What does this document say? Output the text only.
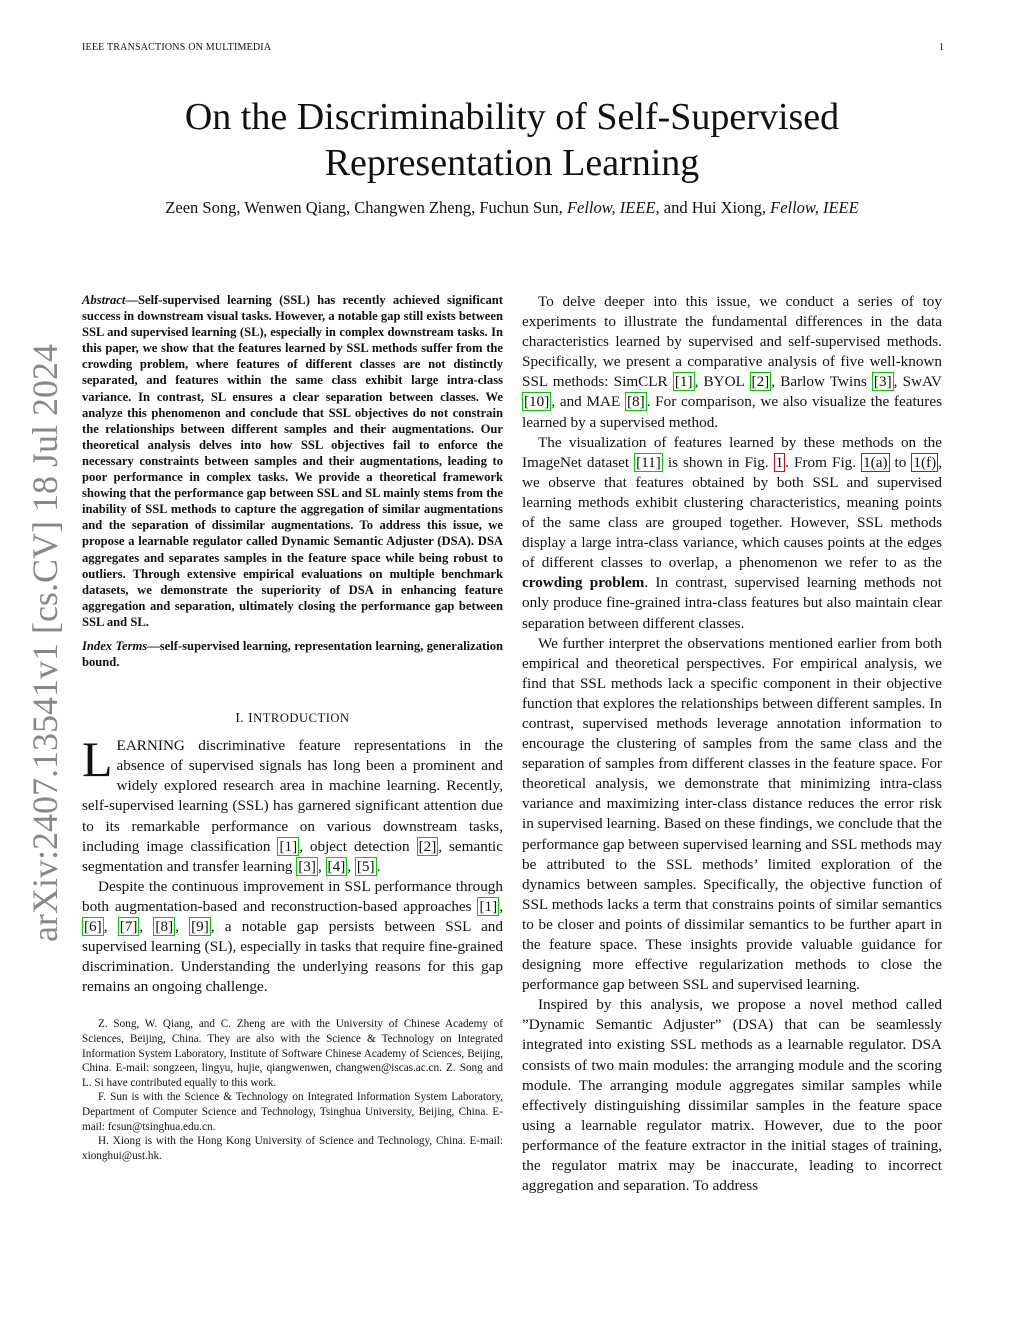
IEEE TRANSACTIONS ON MULTIMEDIA	1
arXiv:2407.13541v1 [cs.CV] 18 Jul 2024
On the Discriminability of Self-Supervised
Representation Learning
Zeen Song, Wenwen Qiang, Changwen Zheng, Fuchun Sun, Fellow, IEEE, and Hui Xiong, Fellow, IEEE

Abstract—Self-supervised learning (SSL) has recently achieved significant success in downstream visual tasks. However, a notable gap still exists between SSL and supervised learning (SL), especially in complex downstream tasks. In this paper, we show that the features learned by SSL methods suffer from the crowding problem, where features of different classes are not distinctly separated, and features within the same class exhibit large intra-class variance. In contrast, SL ensures a clear separation between classes. We analyze this phenomenon and conclude that SSL objectives do not constrain the relationships between different samples and their augmentations. Our theoretical analysis delves into how SSL objectives fail to enforce the necessary constraints between samples and their augmentations, leading to poor performance in complex tasks. We provide a theoretical framework showing that the performance gap between SSL and SL mainly stems from the inability of SSL methods to capture the aggregation of similar augmentations and the separation of dissimilar augmentations. To address this issue, we propose a learnable regulator called Dynamic Semantic Adjuster (DSA). DSA aggregates and separates samples in the feature space while being robust to outliers. Through extensive empirical evaluations on multiple benchmark datasets, we demonstrate the superiority of DSA in enhancing feature aggregation and separation, ultimately closing the performance gap between SSL and SL.

Index Terms—self-supervised learning, representation learning, generalization bound.

I. INTRODUCTION

LEARNING discriminative feature representations in the absence of supervised signals has long been a prominent and widely explored research area in machine learning. Recently, self-supervised learning (SSL) has garnered significant attention due to its remarkable performance on various downstream tasks, including image classification [1] , object detection [2] , semantic segmentation and transfer learning [3] , [4] , [5] .

Despite the continuous improvement in SSL performance through both augmentation-based and reconstruction-based approaches [1] , [6] , [7] , [8] , [9] , a notable gap persists between SSL and supervised learning (SL), especially in tasks that require fine-grained discrimination. Understanding the underlying reasons for this gap remains an ongoing challenge.

Z. Song, W. Qiang, and C. Zheng are with the University of Chinese Academy of Sciences, Beijing, China. They are also with the Science & Technology on Integrated Information System Laboratory, Institute of Software Chinese Academy of Sciences, Beijing, China. E-mail: songzeen, lingyu, hujie, qiangwenwen, changwen@iscas.ac.cn. Z. Song and L. Si have contributed equally to this work.

F. Sun is with the Science & Technology on Integrated Information System Laboratory, Department of Computer Science and Technology, Tsinghua University, Beijing, China. E-mail: fcsun@tsinghua.edu.cn.

H. Xiong is with the Hong Kong University of Science and Technology, China. E-mail: xionghui@ust.hk.

To delve deeper into this issue, we conduct a series of toy experiments to illustrate the fundamental differences in the data characteristics learned by supervised and self-supervised methods. Specifically, we present a comparative analysis of five well-known SSL methods: SimCLR [1] , BYOL [2] , Barlow Twins [3] , SwAV [10] , and MAE [8] . For comparison, we also visualize the features learned by a supervised method.

The visualization of features learned by these methods on the ImageNet dataset [11] is shown in Fig. 1 . From Fig. 1(a) to 1(f) , we observe that features obtained by both SSL and supervised learning methods exhibit clustering characteristics, meaning points of the same class are grouped together. However, SSL methods display a large intra-class variance, which causes points at the edges of different classes to overlap, a phenomenon we refer to as the crowding problem. In contrast, supervised learning methods not only produce fine-grained intra-class features but also maintain clear separation between different classes.

We further interpret the observations mentioned earlier from both empirical and theoretical perspectives. For empirical analysis, we find that SSL methods lack a specific component in their objective function that explores the relationships between different samples. In contrast, supervised methods leverage annotation information to encourage the clustering of samples from the same class and the separation of samples from different classes in the feature space. For theoretical analysis, we demonstrate that minimizing intra-class variance and maximizing inter-class distance reduces the error risk in supervised learning. Based on these findings, we conclude that the performance gap between supervised learning and SSL methods may be attributed to the SSL methods’ limited exploration of the dynamics between samples. Specifically, the objective function of SSL methods lacks a term that constrains points of similar semantics to be closer and points of dissimilar semantics to be further apart in the feature space. These insights provide valuable guidance for designing more effective regularization methods to close the performance gap between SSL and supervised learning.

Inspired by this analysis, we propose a novel method called ”Dynamic Semantic Adjuster” (DSA) that can be seamlessly integrated into existing SSL methods as a learnable regulator. DSA consists of two main modules: the arranging module and the scoring module. The arranging module aggregates similar samples while effectively distinguishing dissimilar samples in the feature space using a learnable regulator matrix. However, due to the poor performance of the feature extractor in the initial stages of training, the regulator matrix may be inaccurate, leading to incorrect aggregation and separation. To address
